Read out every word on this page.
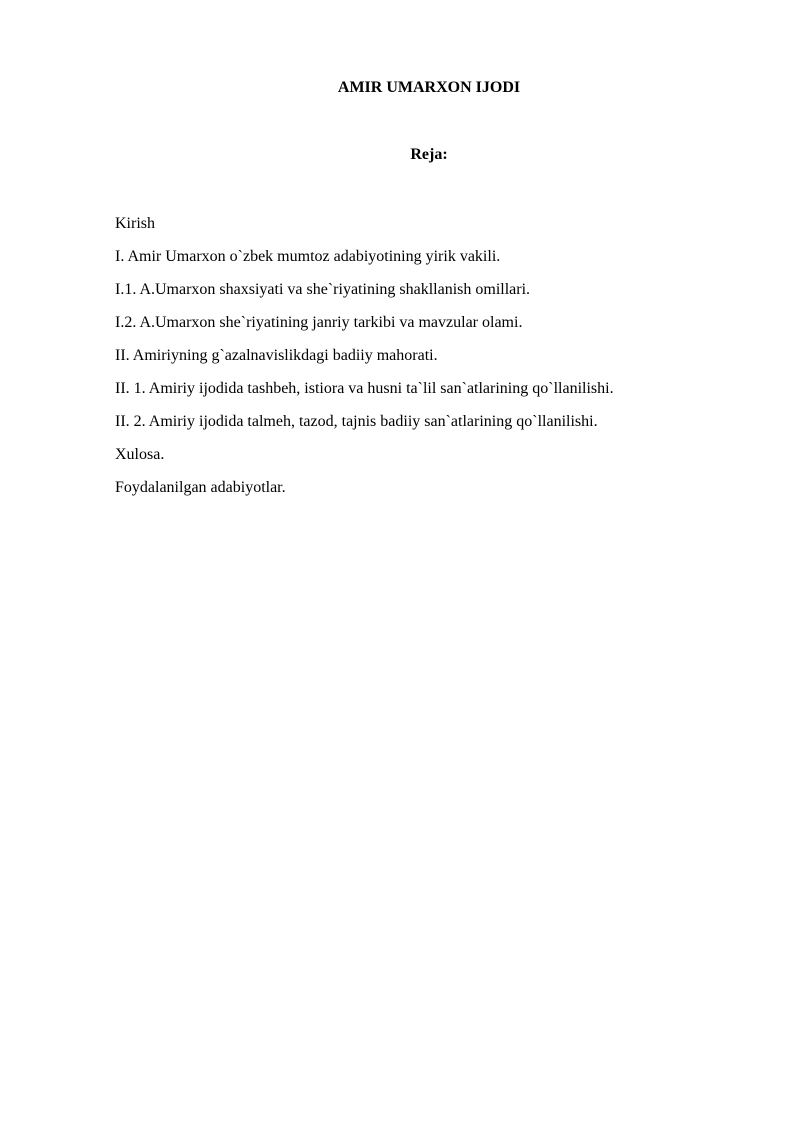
AMIR UMARXON IJODI
Reja:
Kirish
I. Amir Umarxon o`zbek mumtoz adabiyotining yirik vakili.
I.1. A.Umarxon shaxsiyati va she`riyatining shakllanish omillari.
I.2. A.Umarxon she`riyatining janriy tarkibi va mavzular olami.
II. Amiriyning g`azalnavislikdagi badiiy mahorati.
II. 1. Amiriy ijodida tashbeh, istiora va husni ta`lil san`atlarining qo`llanilishi.
II. 2. Amiriy ijodida talmeh, tazod, tajnis badiiy san`atlarining qo`llanilishi.
Xulosa.
Foydalanilgan adabiyotlar.
